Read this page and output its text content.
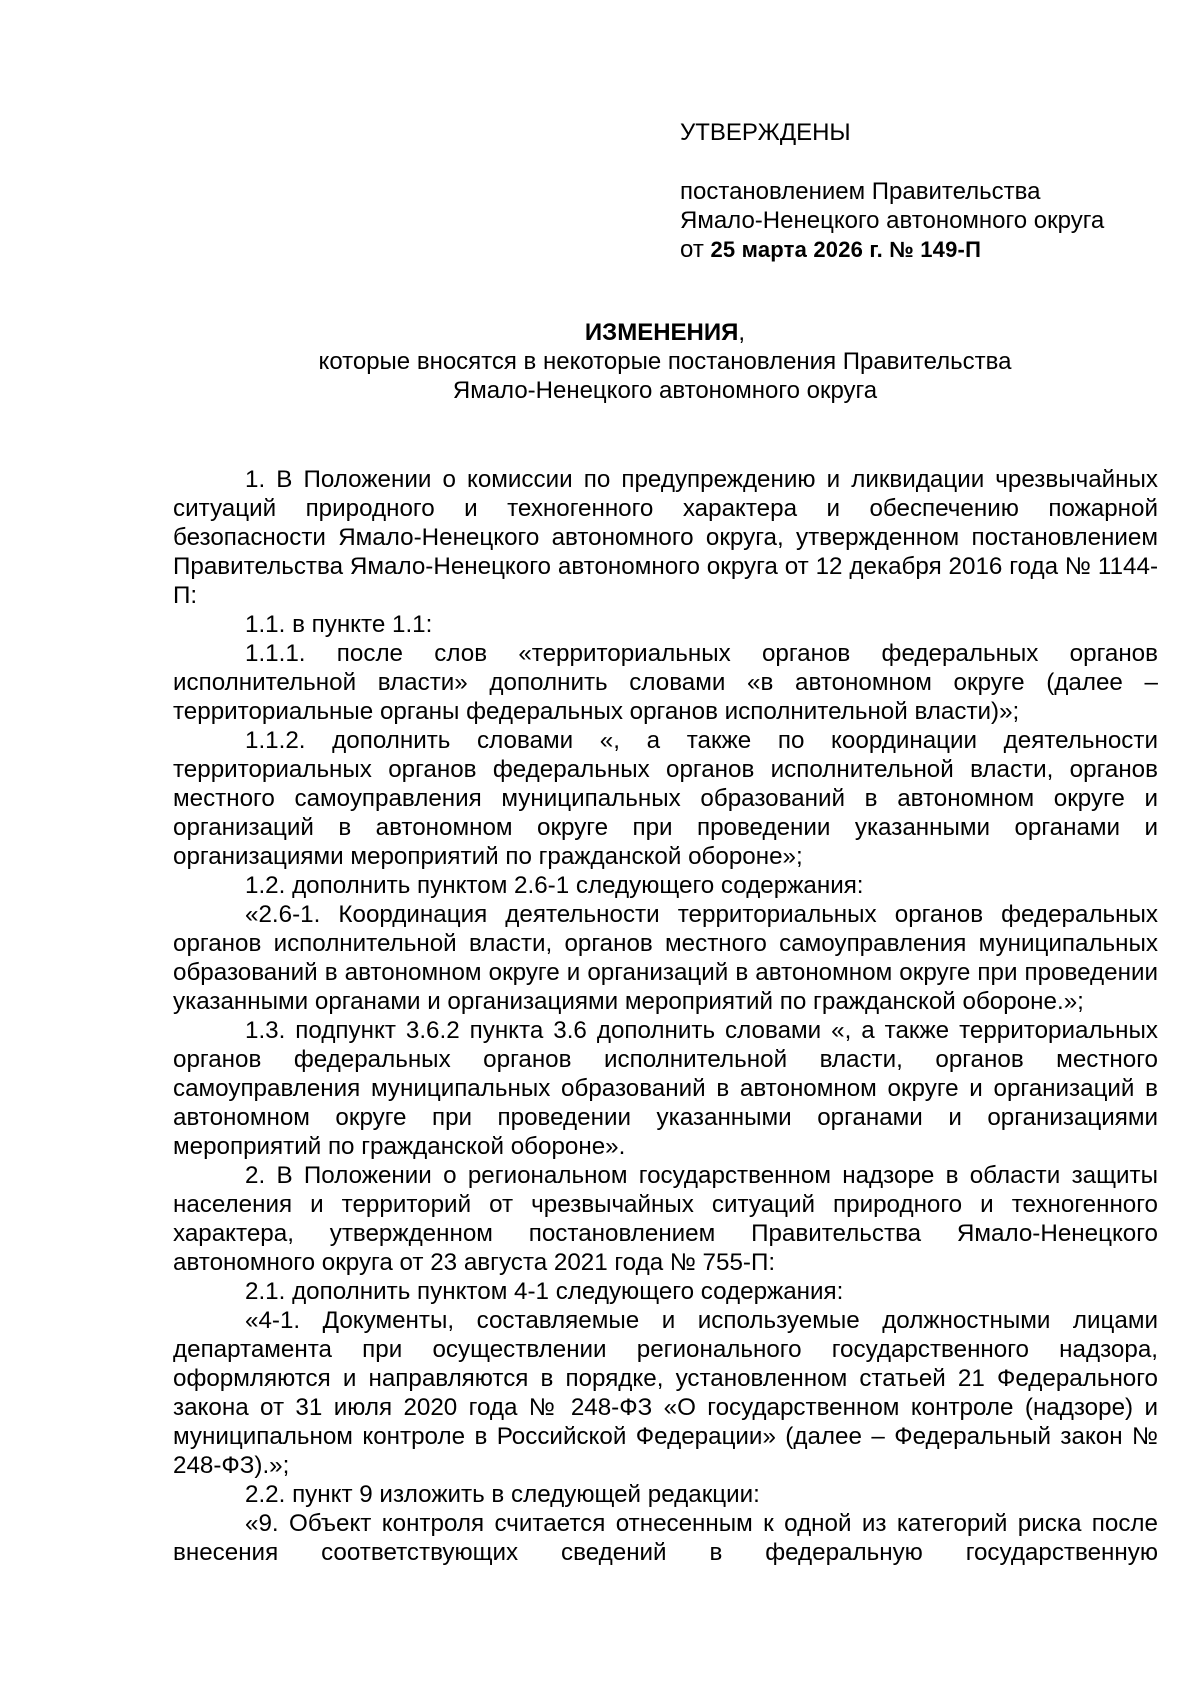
УТВЕРЖДЕНЫ
постановлением Правительства
Ямало-Ненецкого автономного округа
от 25 марта 2026 г. № 149-П
ИЗМЕНЕНИЯ,
которые вносятся в некоторые постановления Правительства
Ямало-Ненецкого автономного округа

1. В Положении о комиссии по предупреждению и ликвидации чрезвычайных ситуаций природного и техногенного характера и обеспечению пожарной безопасности Ямало-Ненецкого автономного округа, утвержденном постановлением Правительства Ямало-Ненецкого автономного округа от 12 декабря 2016 года № 1144-П:

1.1. в пункте 1.1:

1.1.1. после слов «территориальных органов федеральных органов исполнительной власти» дополнить словами «в автономном округе (далее – территориальные органы федеральных органов исполнительной власти)»;

1.1.2. дополнить словами «, а также по координации деятельности территориальных органов федеральных органов исполнительной власти, органов местного самоуправления муниципальных образований в автономном округе и организаций в автономном округе при проведении указанными органами и организациями мероприятий по гражданской обороне»;

1.2. дополнить пунктом 2.6-1 следующего содержания:

«2.6-1. Координация деятельности территориальных органов федеральных органов исполнительной власти, органов местного самоуправления муниципальных образований в автономном округе и организаций в автономном округе при проведении указанными органами и организациями мероприятий по гражданской обороне.»;

1.3. подпункт 3.6.2 пункта 3.6 дополнить словами «, а также территориальных органов федеральных органов исполнительной власти, органов местного самоуправления муниципальных образований в автономном округе и организаций в автономном округе при проведении указанными органами и организациями мероприятий по гражданской обороне».

2. В Положении о региональном государственном надзоре в области защиты населения и территорий от чрезвычайных ситуаций природного и техногенного характера, утвержденном постановлением Правительства Ямало-Ненецкого автономного округа от 23 августа 2021 года № 755-П:

2.1. дополнить пунктом 4-1 следующего содержания:

«4-1. Документы, составляемые и используемые должностными лицами департамента при осуществлении регионального государственного надзора, оформляются и направляются в порядке, установленном статьей 21 Федерального закона от 31 июля 2020 года № 248-ФЗ «О государственном контроле (надзоре) и муниципальном контроле в Российской Федерации» (далее – Федеральный закон № 248-ФЗ).»;

2.2. пункт 9 изложить в следующей редакции:

«9. Объект контроля считается отнесенным к одной из категорий риска после внесения соответствующих сведений в федеральную государственную
